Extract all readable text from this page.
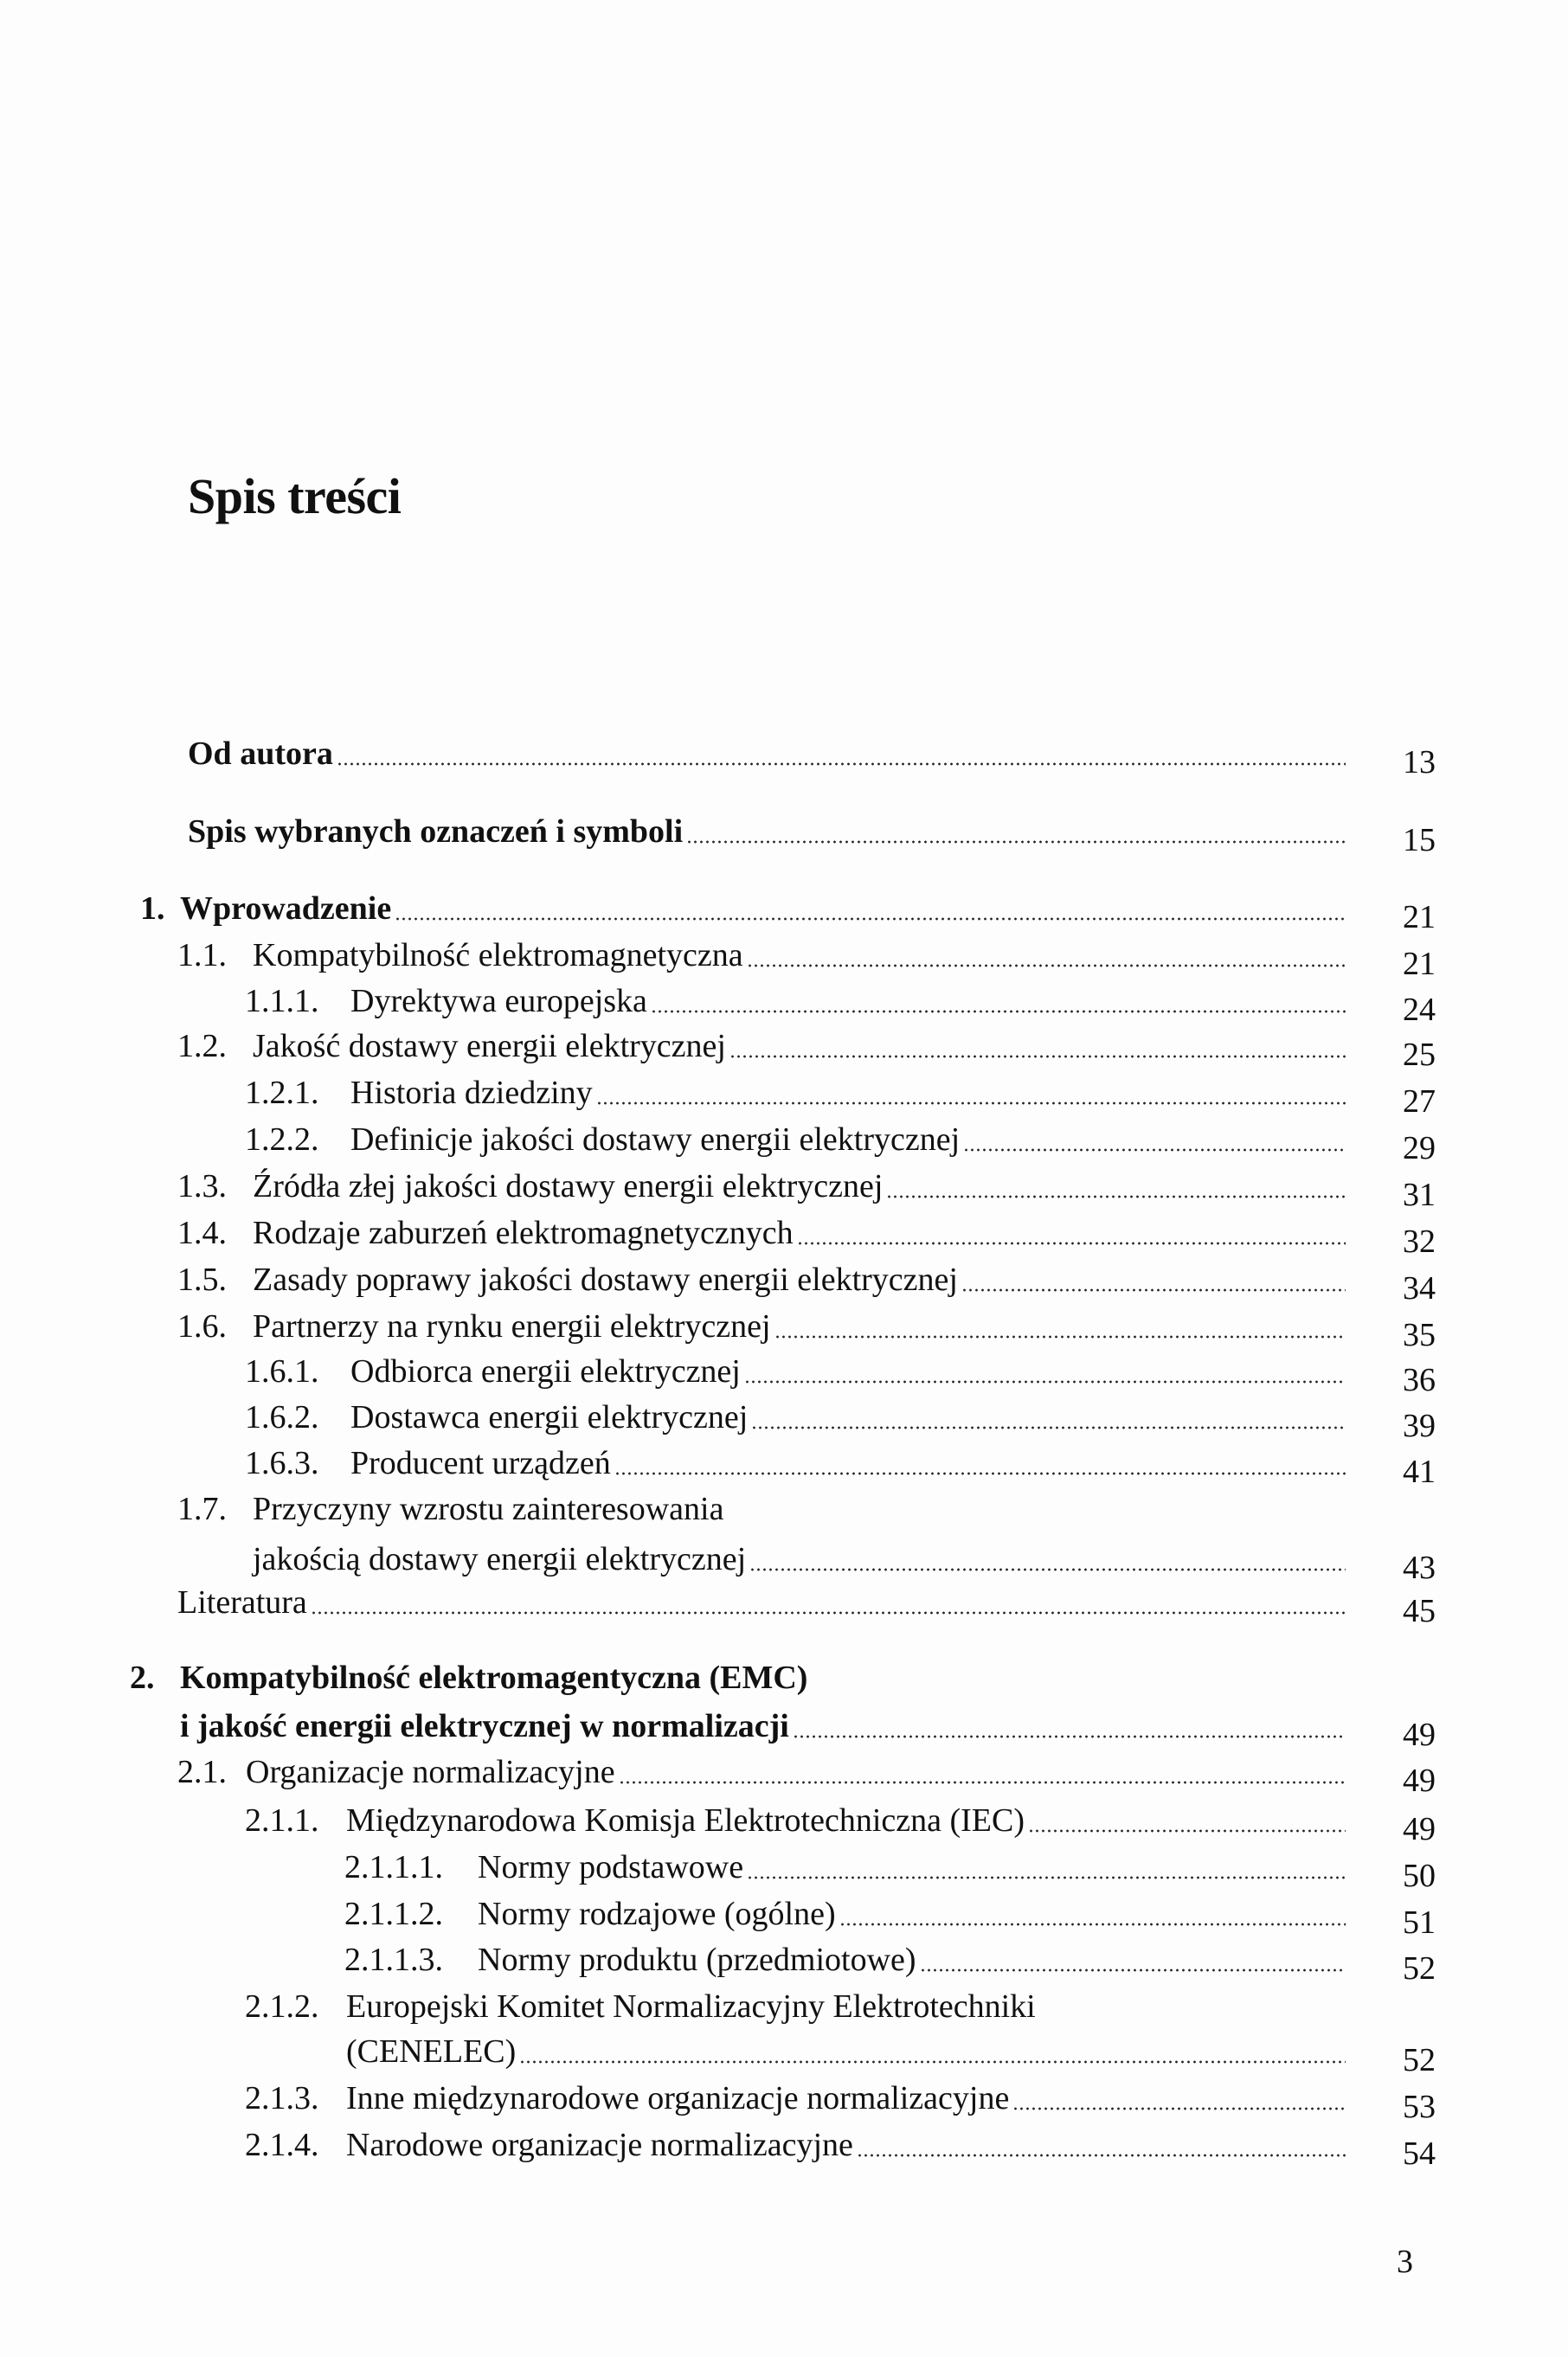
Spis treści
Od autora	13
Spis wybranych oznaczeń i symboli	15
1. Wprowadzenie	21
1.1. Kompatybilność elektromagnetyczna	21
1.1.1. Dyrektywa europejska	24
1.2. Jakość dostawy energii elektrycznej	25
1.2.1. Historia dziedziny	27
1.2.2. Definicje jakości dostawy energii elektrycznej	29
1.3. Źródła złej jakości dostawy energii elektrycznej	31
1.4. Rodzaje zaburzeń elektromagnetycznych	32
1.5. Zasady poprawy jakości dostawy energii elektrycznej	34
1.6. Partnerzy na rynku energii elektrycznej	35
1.6.1. Odbiorca energii elektrycznej	36
1.6.2. Dostawca energii elektrycznej	39
1.6.3. Producent urządzeń	41
1.7. Przyczyny wzrostu zainteresowania
jakością dostawy energii elektrycznej	43
Literatura	45
2. Kompatybilność elektromagentyczna (EMC)
i jakość energii elektrycznej w normalizacji	49
2.1. Organizacje normalizacyjne	49
2.1.1. Międzynarodowa Komisja Elektrotechniczna (IEC)	49
2.1.1.1.	Normy podstawowe	50
2.1.1.2.	Normy rodzajowe (ogólne)	51
2.1.1.3.	Normy produktu (przedmiotowe)	52
2.1.2. Europejski Komitet Normalizacyjny Elektrotechniki
(CENELEC)	52
2.1.3. Inne międzynarodowe organizacje normalizacyjne	53
2.1.4. Narodowe organizacje normalizacyjne	54
3
